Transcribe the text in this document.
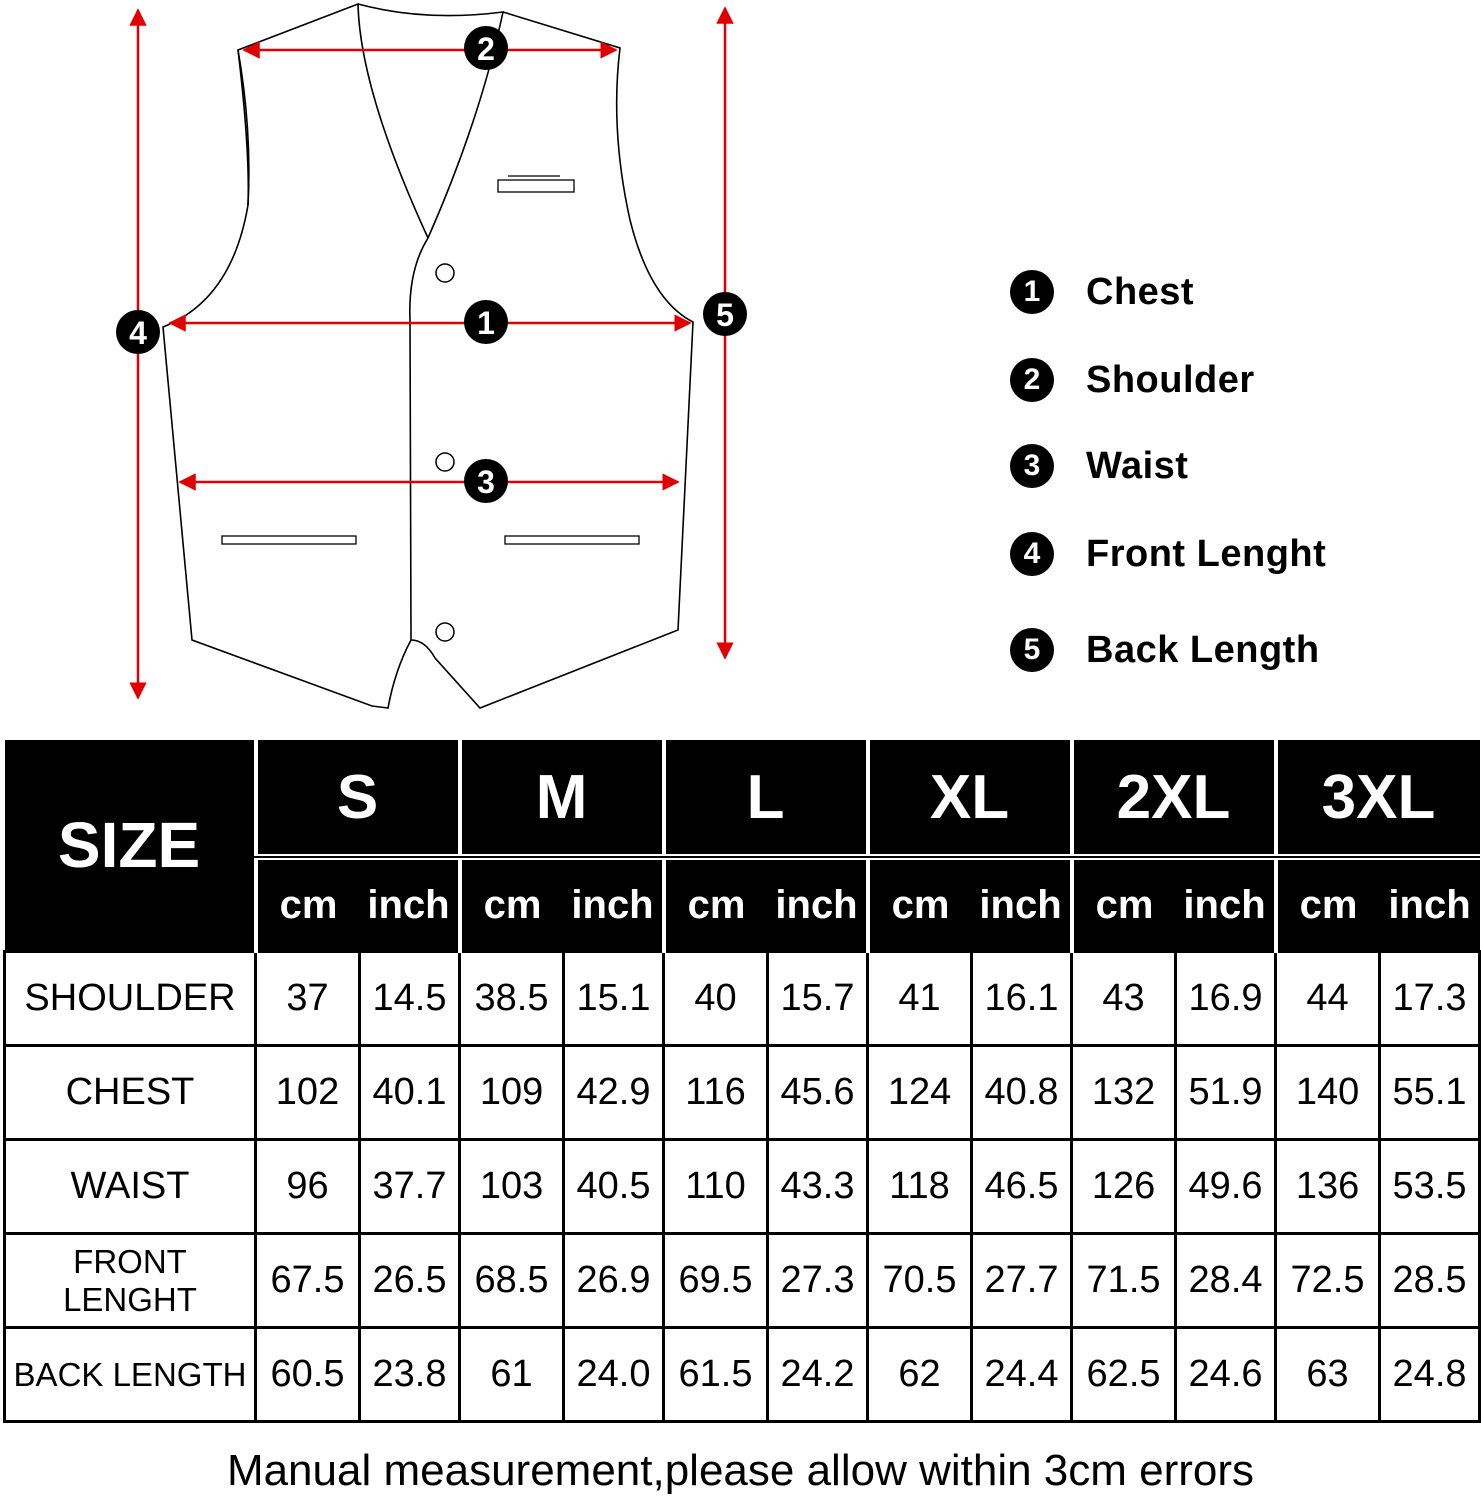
1
2
3
4	5
1	Chest
2	Shoulder
3	Waist
4	Front Lenght
5	Back Length
SIZE	S		M		L		XL		2XL		3XL	
	cm	inch	cm	inch	cm	inch	cm	inch	cm	inch	cm	inch
SHOULDER	37	14.5	38.5	15.1	40	15.7	41	16.1	43	16.9	44	17.3
CHEST	102	40.1	109	42.9	116	45.6	124	40.8	132	51.9	140	55.1
WAIST	96	37.7	103	40.5	110	43.3	118	46.5	126	49.6	136	53.5
FRONT LENGHT	67.5	26.5	68.5	26.9	69.5	27.3	70.5	27.7	71.5	28.4	72.5	28.5
BACK LENGTH	60.5	23.8	61	24.0	61.5	24.2	62	24.4	62.5	24.6	63	24.8
Manual measurement,please allow within 3cm errors
